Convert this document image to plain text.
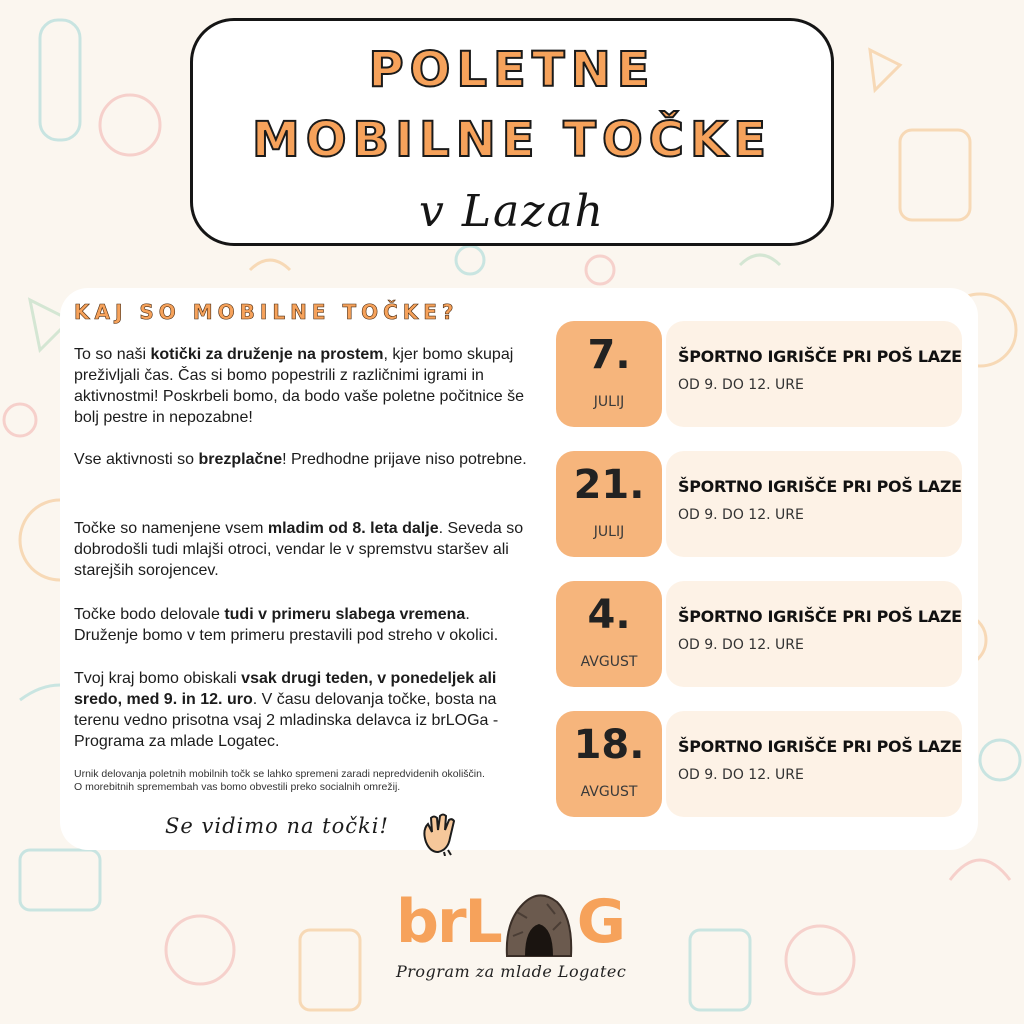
POLETNE
MOBILNE TOČKE
v Lazah
KAJ SO MOBILNE TOČKE?
To so naši kotički za druženje na prostem, kjer bomo skupaj preživljali čas. Čas si bomo popestrili z različnimi igrami in aktivnostmi! Poskrbeli bomo, da bodo vaše poletne počitnice še bolj pestre in nepozabne!
Vse aktivnosti so brezplačne! Predhodne prijave niso potrebne.
Točke so namenjene vsem mladim od 8. leta dalje. Seveda so dobrodošli tudi mlajši otroci, vendar le v spremstvu staršev ali starejših sorojencev.
Točke bodo delovale tudi v primeru slabega vremena. Druženje bomo v tem primeru prestavili pod streho v okolici.
Tvoj kraj bomo obiskali vsak drugi teden, v ponedeljek ali sredo, med 9. in 12. uro. V času delovanja točke, bosta na terenu vedno prisotna vsaj 2 mladinska delavca iz brLOGa - Programa za mlade Logatec.
Urnik delovanja poletnih mobilnih točk se lahko spremeni zaradi nepredvidenih okoliščin.
O morebitnih spremembah vas bomo obvestili preko socialnih omrežij.
Se vidimo na točki!
7.
JULIJ
ŠPORTNO IGRIŠČE PRI POŠ LAZE
OD 9. DO 12. URE
21.
JULIJ
ŠPORTNO IGRIŠČE PRI POŠ LAZE
OD 9. DO 12. URE
4.
AVGUST
ŠPORTNO IGRIŠČE PRI POŠ LAZE
OD 9. DO 12. URE
18.
AVGUST
ŠPORTNO IGRIŠČE PRI POŠ LAZE
OD 9. DO 12. URE
brL G
Program za mlade Logatec
